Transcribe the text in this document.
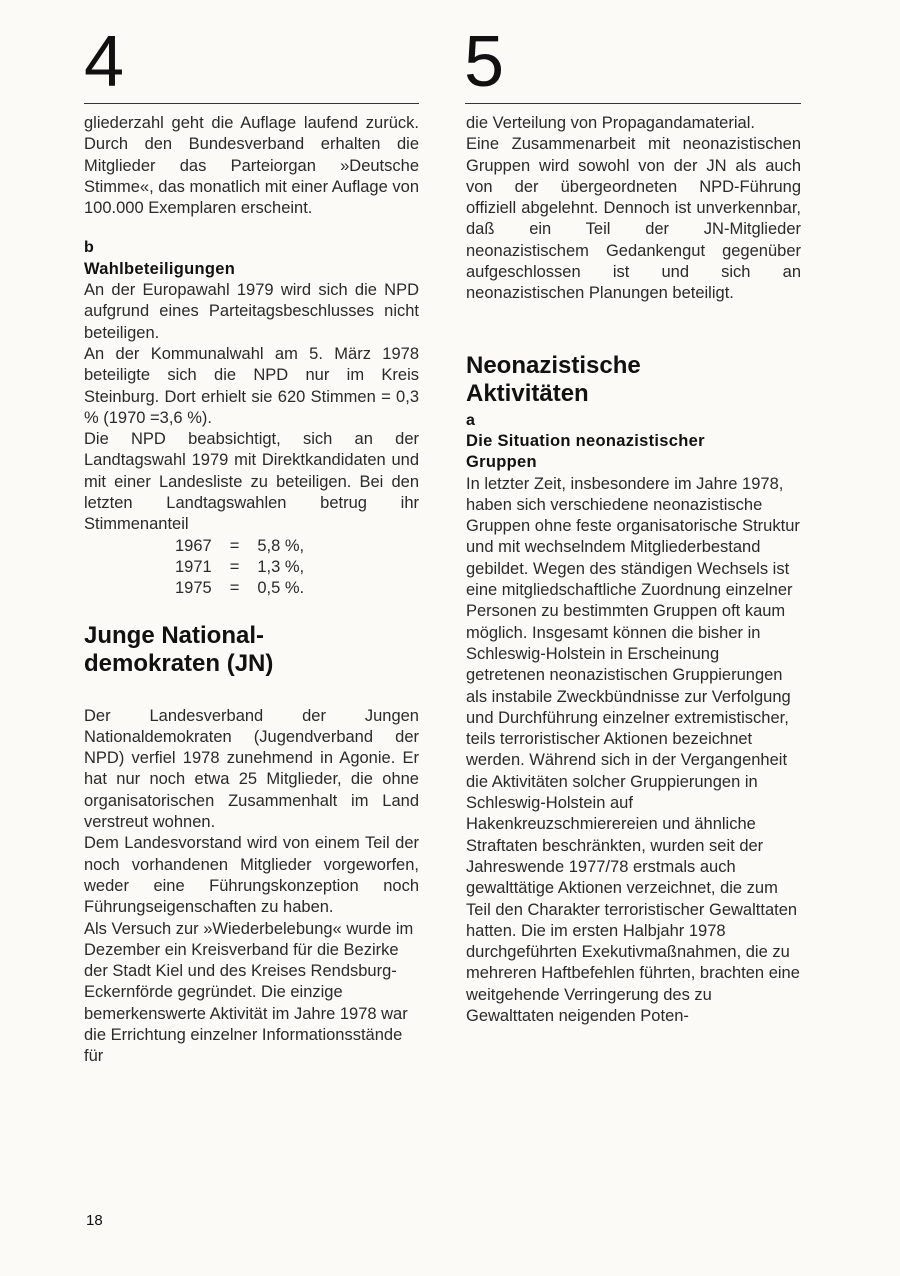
4	5

gliederzahl geht die Auflage laufend zurück. Durch den Bundesverband erhalten die Mitglieder das Parteiorgan »Deutsche Stimme«, das monatlich mit einer Auflage von 100.000 Exemplaren erscheint.

b
Wahlbeteiligungen

An der Europawahl 1979 wird sich die NPD aufgrund eines Parteitagsbeschlusses nicht beteiligen.

An der Kommunalwahl am 5. März 1978 beteiligte sich die NPD nur im Kreis Steinburg. Dort erhielt sie 620 Stimmen = 0,3 % (1970 =3,6 %).

Die NPD beabsichtigt, sich an der Landtagswahl 1979 mit Direktkandidaten und mit einer Landesliste zu beteiligen. Bei den letzten Landtagswahlen betrug ihr Stimmenanteil

1967	=	5,8 %,
1971	=	1,3 %,
1975	=	0,5 %.
Junge National-
demokraten (JN)

Der Landesverband der Jungen Nationaldemokraten (Jugendverband der NPD) verfiel 1978 zunehmend in Agonie. Er hat nur noch etwa 25 Mitglieder, die ohne organisatorischen Zusammenhalt im Land verstreut wohnen.

Dem Landesvorstand wird von einem Teil der noch vorhandenen Mitglieder vorgeworfen, weder eine Führungskonzeption noch Führungseigenschaften zu haben.

Als Versuch zur »Wiederbelebung« wurde im Dezember ein Kreisverband für die Bezirke der Stadt Kiel und des Kreises Rendsburg-Eckernförde gegründet. Die einzige bemerkenswerte Aktivität im Jahre 1978 war die Errichtung einzelner Informationsstände für

die Verteilung von Propagandamaterial.

Eine Zusammenarbeit mit neonazistischen Gruppen wird sowohl von der JN als auch von der übergeordneten NPD-Führung offiziell abgelehnt. Dennoch ist unverkennbar, daß ein Teil der JN-Mitglieder neonazistischem Gedankengut gegenüber aufgeschlossen ist und sich an neonazistischen Planungen beteiligt.

Neonazistische
Aktivitäten
a
Die Situation neonazistischer
Gruppen

In letzter Zeit, insbesondere im Jahre 1978, haben sich verschiedene neonazistische Gruppen ohne feste organisatorische Struktur und mit wechselndem Mitgliederbestand gebildet. Wegen des ständigen Wechsels ist eine mitgliedschaftliche Zuordnung einzelner Personen zu bestimmten Gruppen oft kaum möglich. Insgesamt können die bisher in Schleswig-Holstein in Erscheinung getretenen neonazistischen Gruppierungen als instabile Zweckbündnisse zur Verfolgung und Durchführung einzelner extremistischer, teils terroristischer Aktionen bezeichnet werden. Während sich in der Vergangenheit die Aktivitäten solcher Gruppierungen in Schleswig-Holstein auf Hakenkreuzschmierereien und ähnliche Straftaten beschränkten, wurden seit der Jahreswende 1977/78 erstmals auch gewalttätige Aktionen verzeichnet, die zum Teil den Charakter terroristischer Gewalttaten hatten. Die im ersten Halbjahr 1978 durchgeführten Exekutivmaßnahmen, die zu mehreren Haftbefehlen führten, brachten eine weitgehende Verringerung des zu Gewalttaten neigenden Poten-

18
